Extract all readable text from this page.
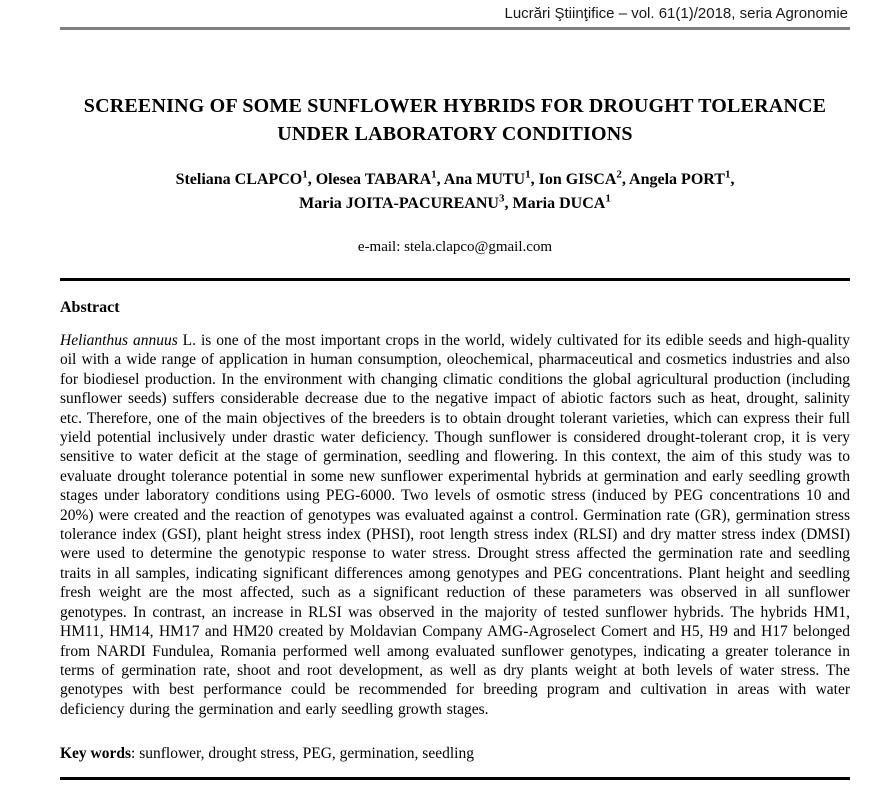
Lucrări Ştiinţifice – vol. 61(1)/2018, seria Agronomie
SCREENING OF SOME SUNFLOWER HYBRIDS FOR DROUGHT TOLERANCE
UNDER LABORATORY CONDITIONS
Steliana CLAPCO$^1$, Olesea TABARA$^1$, Ana MUTU$^1$, Ion GISCA$^2$, Angela PORT$^1$,
Maria JOITA-PACUREANU$^3$, Maria DUCA$^1$
e-mail: stela.clapco@gmail.com
Abstract
Helianthus annuus L. is one of the most important crops in the world, widely cultivated for its edible seeds and high-quality oil with a wide range of application in human consumption, oleochemical, pharmaceutical and cosmetics industries and also for biodiesel production. In the environment with changing climatic conditions the global agricultural production (including sunflower seeds) suffers considerable decrease due to the negative impact of abiotic factors such as heat, drought, salinity etc. Therefore, one of the main objectives of the breeders is to obtain drought tolerant varieties, which can express their full yield potential inclusively under drastic water deficiency. Though sunflower is considered drought-tolerant crop, it is very sensitive to water deficit at the stage of germination, seedling and flowering. In this context, the aim of this study was to evaluate drought tolerance potential in some new sunflower experimental hybrids at germination and early seedling growth stages under laboratory conditions using PEG-6000. Two levels of osmotic stress (induced by PEG concentrations 10 and 20%) were created and the reaction of genotypes was evaluated against a control. Germination rate (GR), germination stress tolerance index (GSI), plant height stress index (PHSI), root length stress index (RLSI) and dry matter stress index (DMSI) were used to determine the genotypic response to water stress. Drought stress affected the germination rate and seedling traits in all samples, indicating significant differences among genotypes and PEG concentrations. Plant height and seedling fresh weight are the most affected, such as a significant reduction of these parameters was observed in all sunflower genotypes. In contrast, an increase in RLSI was observed in the majority of tested sunflower hybrids. The hybrids HM1, HM11, HM14, HM17 and HM20 created by Moldavian Company AMG-Agroselect Comert and H5, H9 and H17 belonged from NARDI Fundulea, Romania performed well among evaluated sunflower genotypes, indicating a greater tolerance in terms of germination rate, shoot and root development, as well as dry plants weight at both levels of water stress. The genotypes with best performance could be recommended for breeding program and cultivation in areas with water deficiency during the germination and early seedling growth stages.
Key words: sunflower, drought stress, PEG, germination, seedling
